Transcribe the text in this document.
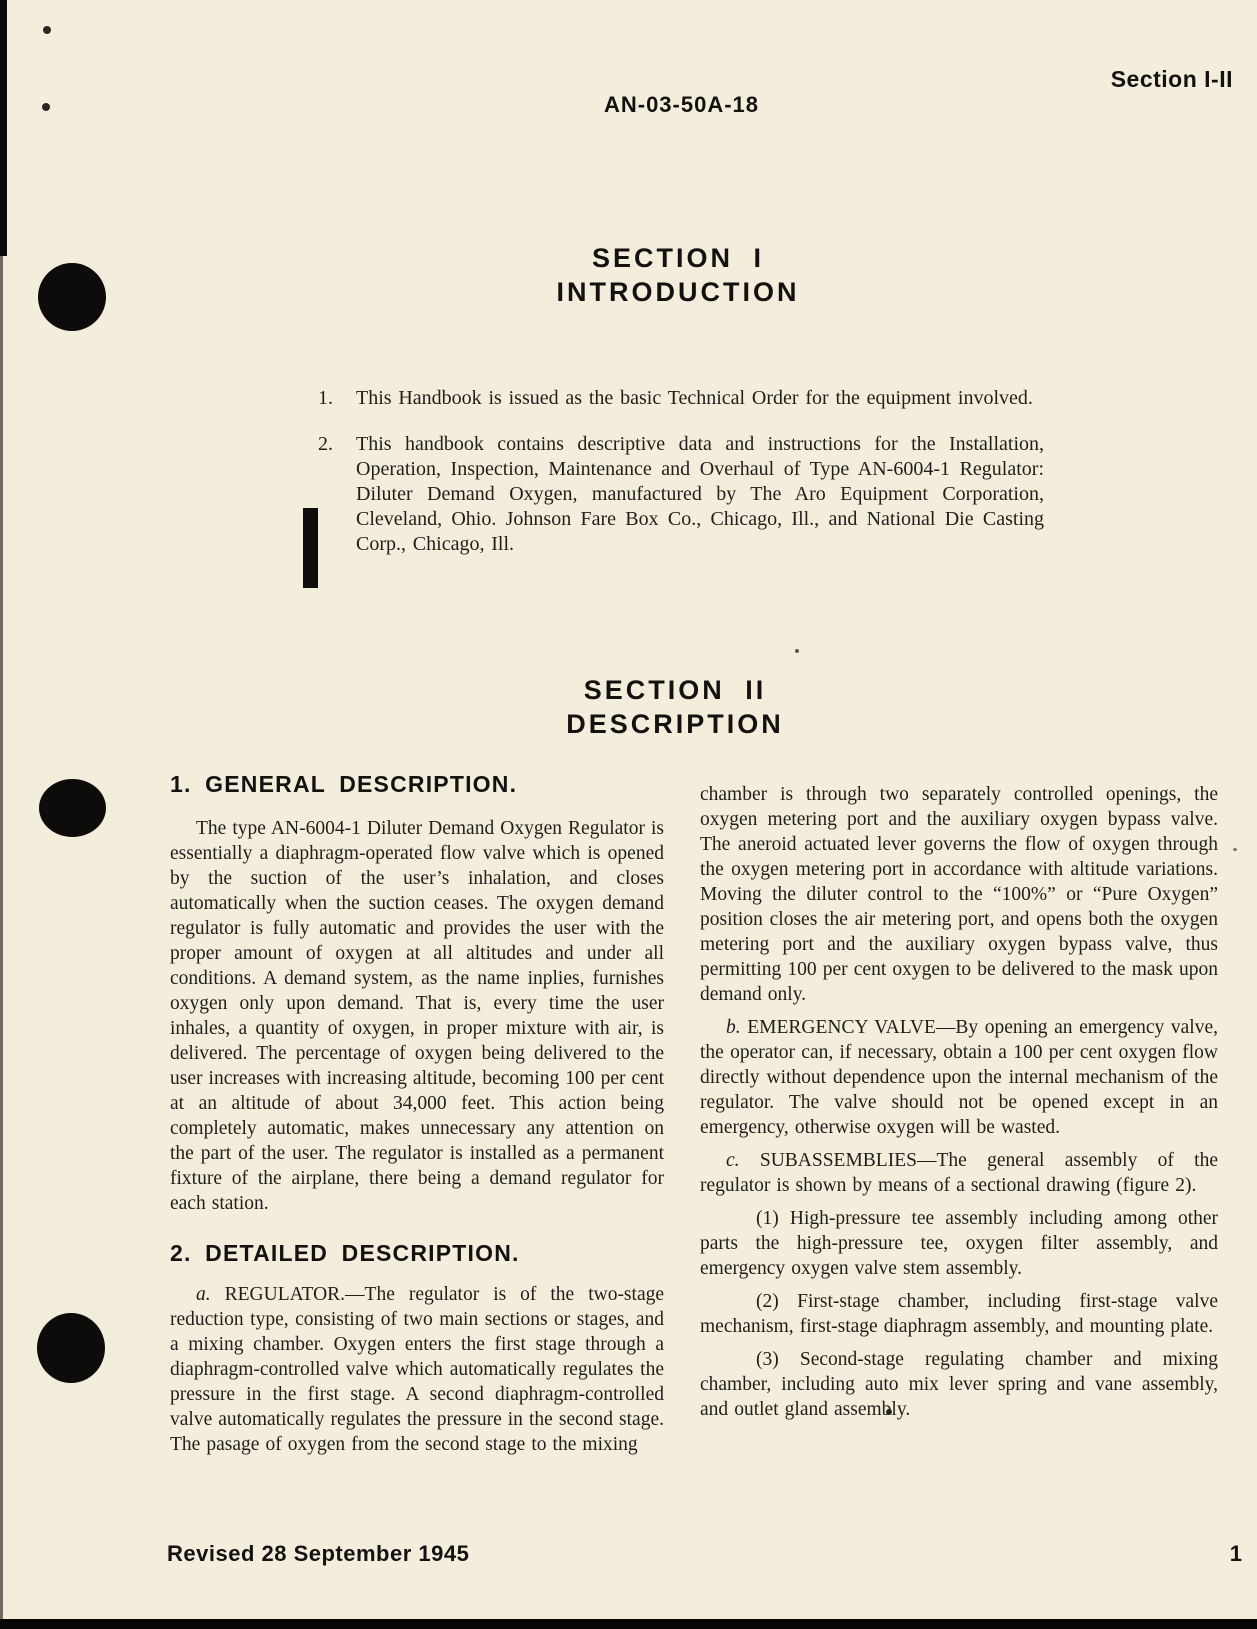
AN-03-50A-18
Section I-II
SECTION I
INTRODUCTION
1.	This Handbook is issued as the basic Technical Order for the equipment involved.
2.	This handbook contains descriptive data and instructions for the Installation, Operation, Inspection, Maintenance and Overhaul of Type AN-6004-1 Regulator: Diluter Demand Oxygen, manufactured by The Aro Equipment Corporation, Cleveland, Ohio. Johnson Fare Box Co., Chicago, Ill., and National Die Casting Corp., Chicago, Ill.
SECTION II
DESCRIPTION
1. GENERAL DESCRIPTION.

The type AN-6004-1 Diluter Demand Oxygen Regulator is essentially a diaphragm-operated flow valve which is opened by the suction of the user’s inhalation, and closes automatically when the suction ceases. The oxygen demand regulator is fully automatic and provides the user with the proper amount of oxygen at all altitudes and under all conditions. A demand system, as the name inplies, furnishes oxygen only upon demand. That is, every time the user inhales, a quantity of oxygen, in proper mixture with air, is delivered. The percentage of oxygen being delivered to the user increases with increasing altitude, becoming 100 per cent at an altitude of about 34,000 feet. This action being completely automatic, makes unnecessary any attention on the part of the user. The regulator is installed as a permanent fixture of the airplane, there being a demand regulator for each station.

2. DETAILED DESCRIPTION.

a. REGULATOR.—The regulator is of the two-stage reduction type, consisting of two main sections or stages, and a mixing chamber. Oxygen enters the first stage through a diaphragm-controlled valve which automatically regulates the pressure in the first stage. A second diaphragm-controlled valve automatically regulates the pressure in the second stage. The pasage of oxygen from the second stage to the mixing

chamber is through two separately controlled openings, the oxygen metering port and the auxiliary oxygen bypass valve. The aneroid actuated lever governs the flow of oxygen through the oxygen metering port in accordance with altitude variations. Moving the diluter control to the “100%” or “Pure Oxygen” position closes the air metering port, and opens both the oxygen metering port and the auxiliary oxygen bypass valve, thus permitting 100 per cent oxygen to be delivered to the mask upon demand only.

b. EMERGENCY VALVE—By opening an emergency valve, the operator can, if necessary, obtain a 100 per cent oxygen flow directly without dependence upon the internal mechanism of the regulator. The valve should not be opened except in an emergency, otherwise oxygen will be wasted.

c. SUBASSEMBLIES—The general assembly of the regulator is shown by means of a sectional drawing (figure 2).

(1) High-pressure tee assembly including among other parts the high-pressure tee, oxygen filter assembly, and emergency oxygen valve stem assembly.

(2) First-stage chamber, including first-stage valve mechanism, first-stage diaphragm assembly, and mounting plate.

(3) Second-stage regulating chamber and mixing chamber, including auto mix lever spring and vane assembly, and outlet gland assembly.

Revised 28 September 1945	1
